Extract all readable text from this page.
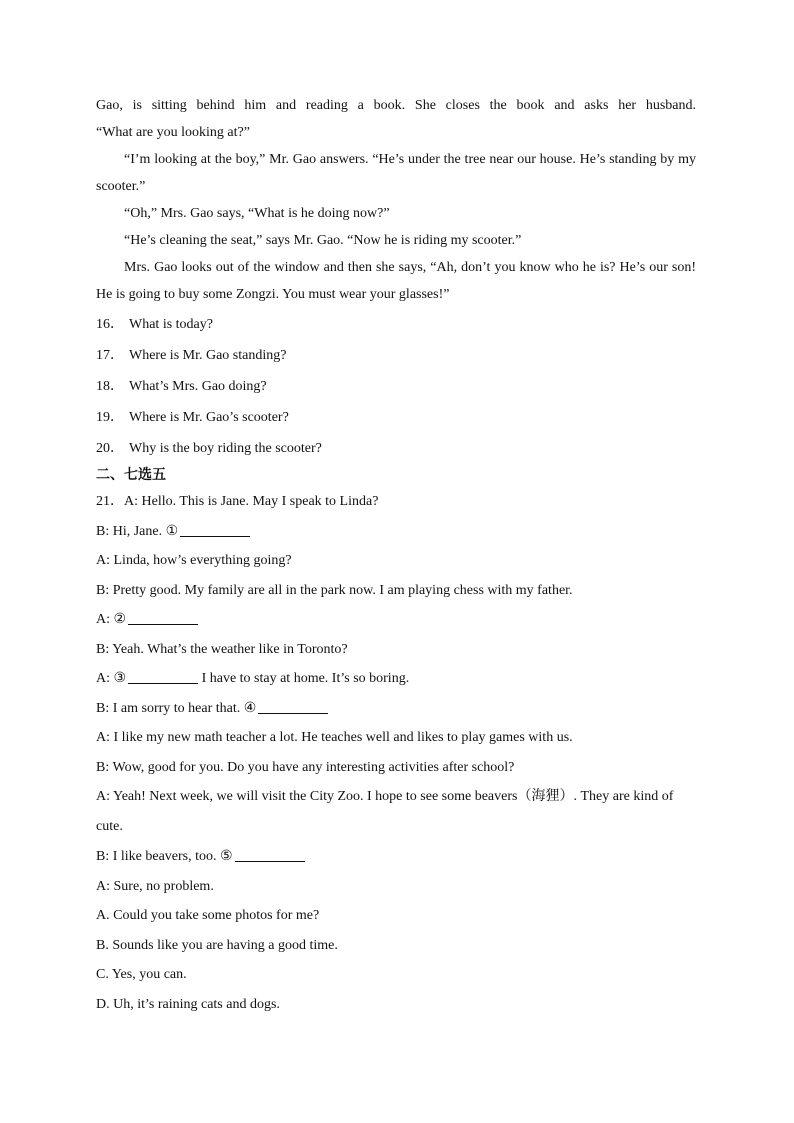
Gao, is sitting behind him and reading a book. She closes the book and asks her husband.

“What are you looking at?”

“I’m looking at the boy,” Mr. Gao answers. “He’s under the tree near our house. He’s standing by my scooter.”

“Oh,” Mrs. Gao says, “What is he doing now?”

“He’s cleaning the seat,” says Mr. Gao. “Now he is riding my scooter.”

Mrs. Gao looks out of the window and then she says, “Ah, don’t you know who he is? He’s our son! He is going to buy some Zongzi. You must wear your glasses!”

16． What is today?

17． Where is Mr. Gao standing?

18． What’s Mrs. Gao doing?

19． Where is Mr. Gao’s scooter?

20． Why is the boy riding the scooter?

二、七选五

21．A: Hello. This is Jane. May I speak to Linda?

B: Hi, Jane. ①

A: Linda, how’s everything going?

B: Pretty good. My family are all in the park now. I am playing chess with my father.

A: ②

B: Yeah. What’s the weather like in Toronto?

A: ③	I have to stay at home. It’s so boring.

B: I am sorry to hear that. ④

A: I like my new math teacher a lot. He teaches well and likes to play games with us.

B: Wow, good for you. Do you have any interesting activities after school?

A: Yeah! Next week, we will visit the City Zoo. I hope to see some beavers（海狸）. They are kind of cute.

B: I like beavers, too. ⑤

A: Sure, no problem.

A. Could you take some photos for me?

B. Sounds like you are having a good time.

C. Yes, you can.

D. Uh, it’s raining cats and dogs.
